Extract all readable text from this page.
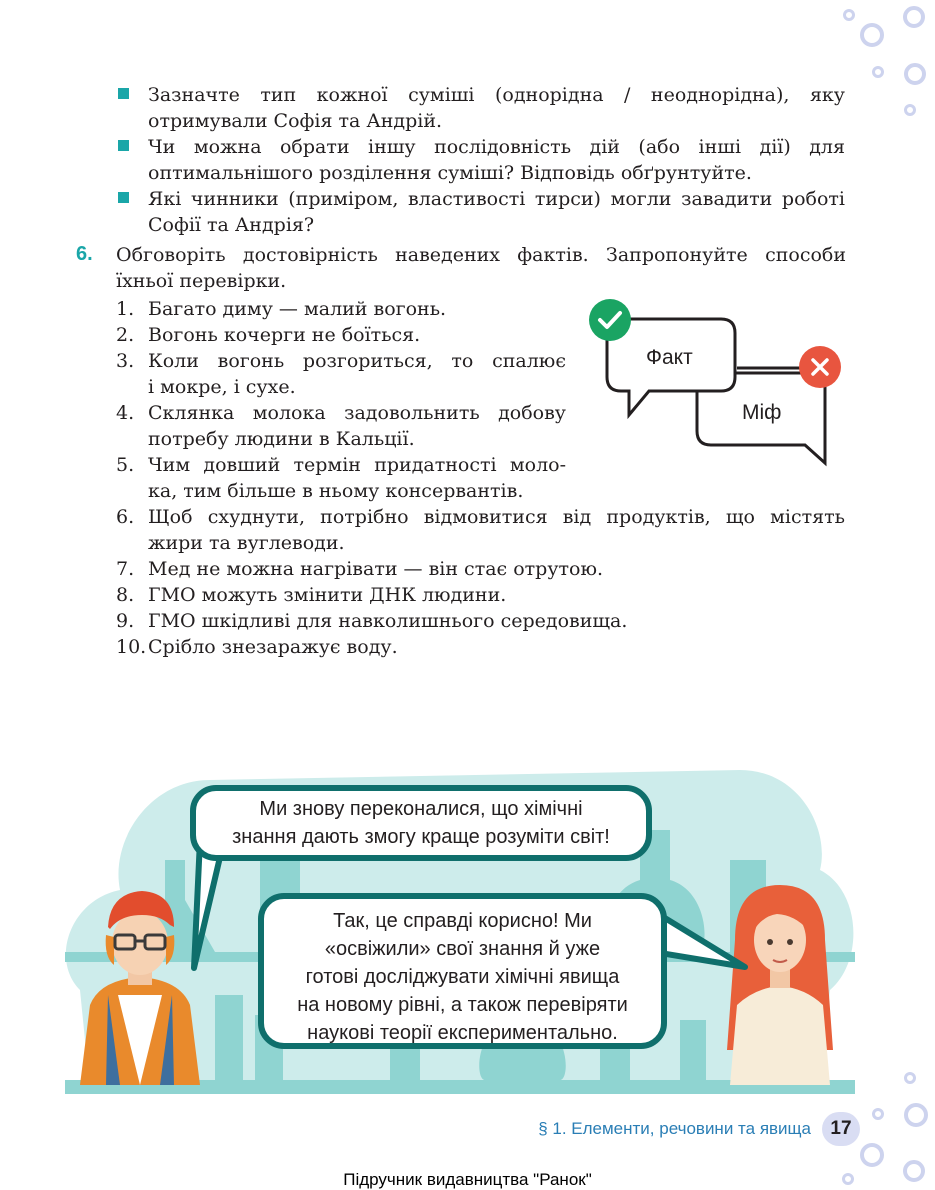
Зазначте тип кожної суміші (однорідна / неоднорідна), яку отримували Софія та Андрій.
Чи можна обрати іншу послідовність дій (або інші дії) для оптимальнішого розділення суміші? Відповідь обґрунтуйте.
Які чинники (приміром, властивості тирси) могли завадити роботі Софії та Андрія?
6. Обговоріть достовірність наведених фактів. Запропонуйте способи
їхньої перевірки.
1. Багато диму — малий вогонь.
2. Вогонь кочерги не боїться.
3. Коли вогонь розгориться, то спалює
і мокре, і сухе.
4. Склянка молока задовольнить добову
потребу людини в Кальції.
5. Чим довший термін придатності моло-
ка, тим більше в ньому консервантів.
6. Щоб схуднути, потрібно відмовитися від продуктів, що містять
жири та вуглеводи.
7. Мед не можна нагрівати — він стає отрутою.
8. ГМО можуть змінити ДНК людини.
9. ГМО шкідливі для навколишнього середовища.
10. Срібло знезаражує воду.
Факт
Міф
Ми знову переконалися, що хімічні
знання дають змогу краще розуміти світ!
Так, це справді корисно! Ми
«освіжили» свої знання й уже
готові досліджувати хімічні явища
на новому рівні, а також перевіряти
наукові теорії експериментально.
§ 1. Елементи, речовини та явища	17
Підручник видавництва "Ранок"
